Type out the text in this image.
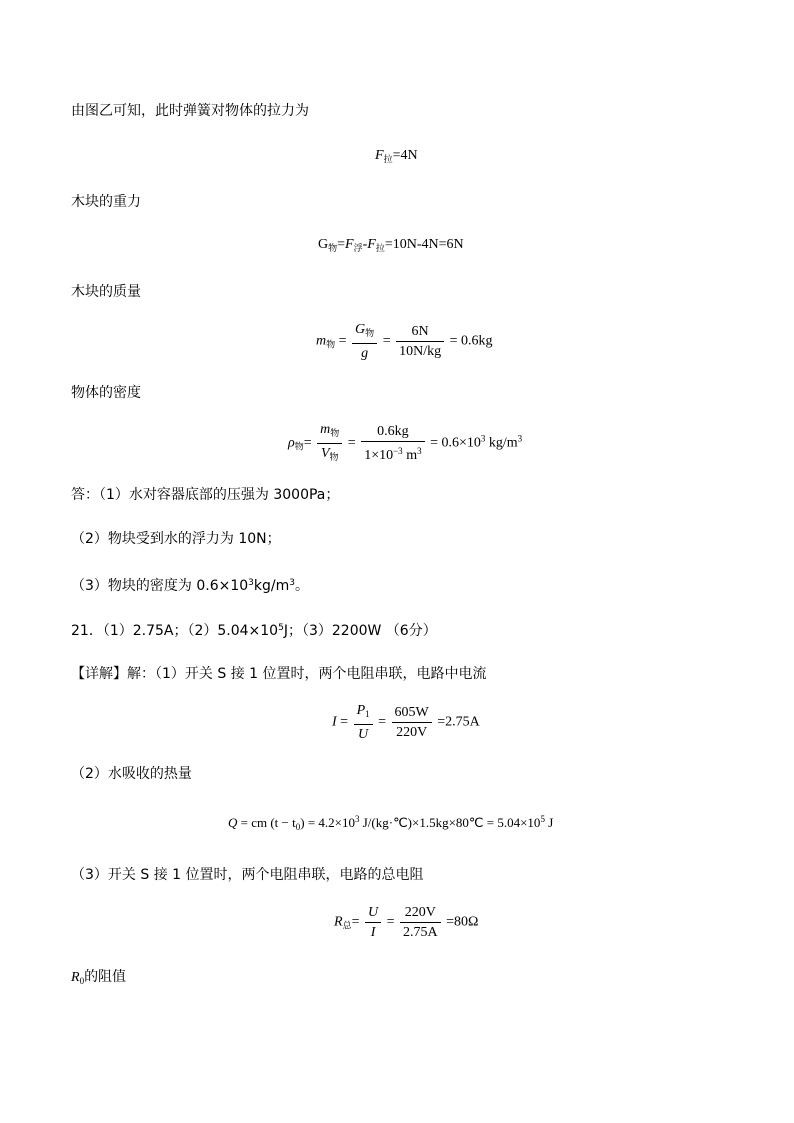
由图乙可知，此时弹簧对物体的拉力为
$F_拉=4N$
木块的重力
$G_物=F_浮-F_拉=10N-4N=6N$
木块的质量
$m_物 = \frac{G_物}{g} = \frac{6N}{10N/kg} = 0.6kg$
物体的密度
$\rho_物= \frac{m_物}{V_物} = \frac{0.6kg}{1\times 10^{-3} m^3} = 0.6\times 10^3$ $kg/m^3$
答：（1）水对容器底部的压强为 3000Pa；
（2）物块受到水的浮力为 10N；
（3）物块的密度为 $0.6\times 10^3kg/m^3$。
21．（1）2.75A；$(2)5.04\times 10^5J$；（3）2200W （6分）
【详解】解：（1）开关 S 接 1 位置时，两个电阻串联，电路中电流
$I = \frac{P_1}{U} = \frac{605W}{220V} =2.75A$
（2）水吸收的热量
Q = cm $(t - t_0) = 4.2\times 10^3$ J/(kg·℃)×1.5kg×80℃ = $5.04\times 10^5$ J
（3）开关 S 接 1 位置时，两个电阻串联，电路的总电阻
$R_总= \frac{U}{I} = \frac{220V}{2.75A} =80\Omega$
$R_0$的阻值
